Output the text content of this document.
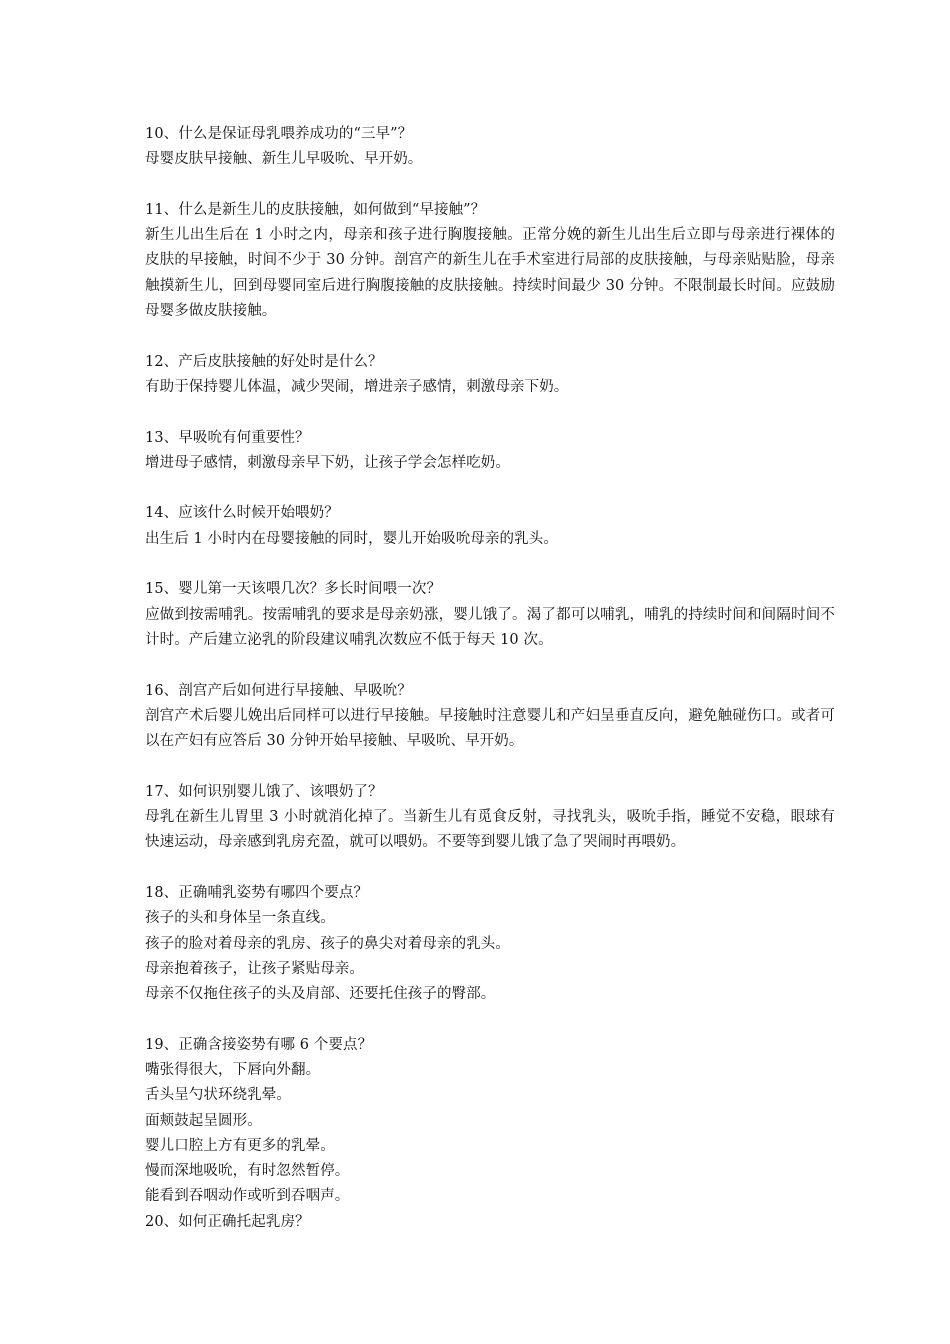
10、什么是保证母乳喂养成功的“三早”？

母婴皮肤早接触、新生儿早吸吮、早开奶。

11、什么是新生儿的皮肤接触，如何做到“早接触”？

新生儿出生后在 1 小时之内，母亲和孩子进行胸腹接触。正常分娩的新生儿出生后立即与母亲进行裸体的皮肤的早接触，时间不少于 30 分钟。剖宫产的新生儿在手术室进行局部的皮肤接触，与母亲贴贴脸，母亲触摸新生儿，回到母婴同室后进行胸腹接触的皮肤接触。持续时间最少 30 分钟。不限制最长时间。应鼓励母婴多做皮肤接触。

12、产后皮肤接触的好处时是什么？

有助于保持婴儿体温，减少哭闹，增进亲子感情，刺激母亲下奶。

13、早吸吮有何重要性？

增进母子感情，刺激母亲早下奶，让孩子学会怎样吃奶。

14、应该什么时候开始喂奶？

出生后 1 小时内在母婴接触的同时，婴儿开始吸吮母亲的乳头。

15、婴儿第一天该喂几次？多长时间喂一次？

应做到按需哺乳。按需哺乳的要求是母亲奶涨，婴儿饿了。渴了都可以哺乳，哺乳的持续时间和间隔时间不计时。产后建立泌乳的阶段建议哺乳次数应不低于每天 10 次。

16、剖宫产后如何进行早接触、早吸吮？

剖宫产术后婴儿娩出后同样可以进行早接触。早接触时注意婴儿和产妇呈垂直反向，避免触碰伤口。或者可以在产妇有应答后 30 分钟开始早接触、早吸吮、早开奶。

17、如何识别婴儿饿了、该喂奶了？

母乳在新生儿胃里 3 小时就消化掉了。当新生儿有觅食反射，寻找乳头，吸吮手指，睡觉不安稳，眼球有快速运动，母亲感到乳房充盈，就可以喂奶。不要等到婴儿饿了急了哭闹时再喂奶。

18、正确哺乳姿势有哪四个要点？

孩子的头和身体呈一条直线。

孩子的脸对着母亲的乳房、孩子的鼻尖对着母亲的乳头。

母亲抱着孩子，让孩子紧贴母亲。

母亲不仅拖住孩子的头及肩部、还要托住孩子的臀部。

19、正确含接姿势有哪 6 个要点？

嘴张得很大，下唇向外翻。

舌头呈勺状环绕乳晕。

面颊鼓起呈圆形。

婴儿口腔上方有更多的乳晕。

慢而深地吸吮，有时忽然暂停。

能看到吞咽动作或听到吞咽声。

20、如何正确托起乳房？
